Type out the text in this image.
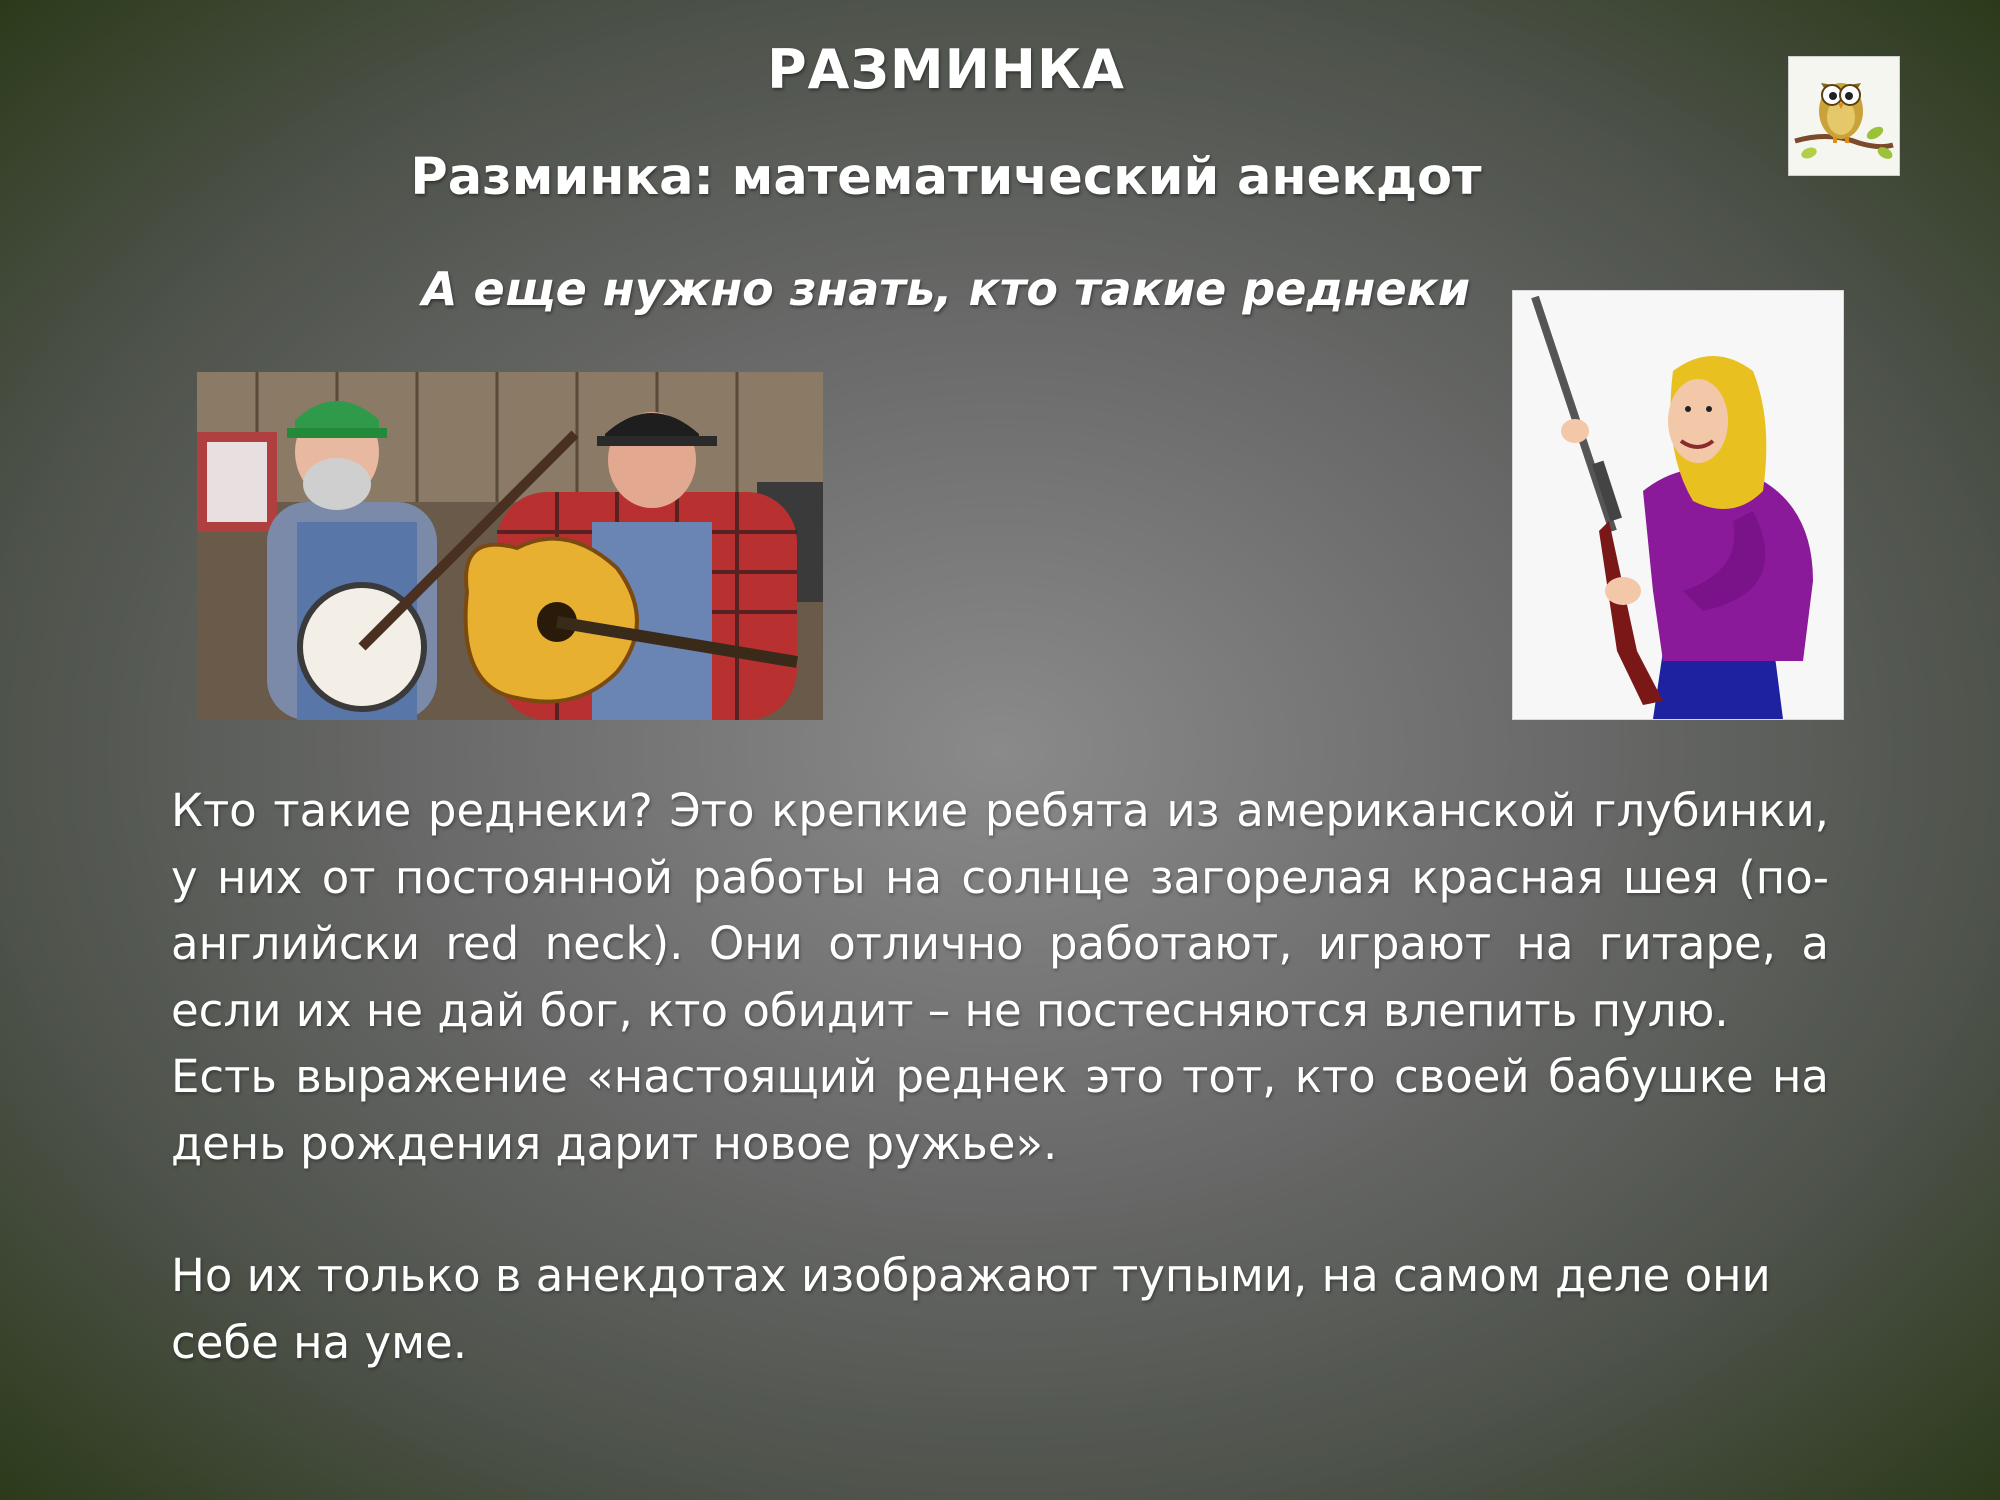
РАЗМИНКА
Разминка: математический анекдот
А еще нужно знать, кто такие реднеки

Кто такие реднеки? Это крепкие ребята из американской глубинки, у них от постоянной работы на солнце загорелая красная шея (по-английски red neck). Они отлично работают, играют на гитаре, а если их не дай бог, кто обидит – не постесняются влепить пулю.

Есть выражение «настоящий реднек это тот, кто своей бабушке на день рождения дарит новое ружье».

Но их только в анекдотах изображают тупыми, на самом деле они себе на уме.
